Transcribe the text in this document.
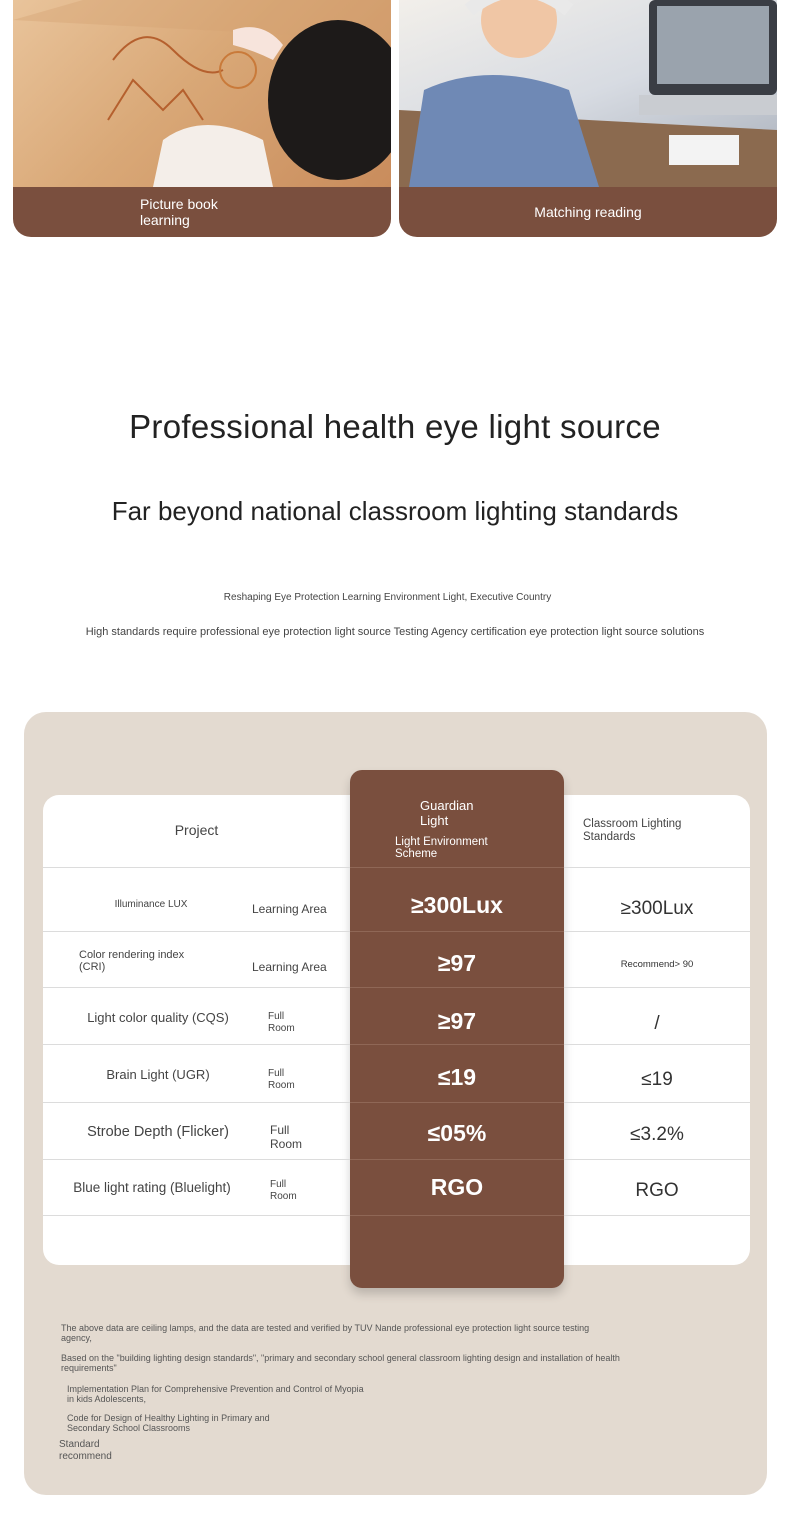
Picture book learning	Matching reading
Professional health eye light source
Far beyond national classroom lighting standards
Reshaping Eye Protection Learning Environment Light, Executive Country
High standards require professional eye protection light source Testing Agency certification eye protection light source solutions
Project
Guardian Light
Light Environment Scheme
Classroom Lighting Standards
Illuminance LUX	Learning Area	≥300Lux	≥300Lux
Color rendering index (CRI)	Learning Area	≥97	Recommend> 90
Light color quality (CQS)	Full Room	≥97	/
Brain Light (UGR)	Full Room	≤19	≤19
Strobe Depth (Flicker)	Full Room	≤05%	≤3.2%
Blue light rating (Bluelight)	Full Room	RGO	RGO
The above data are ceiling lamps, and the data are tested and verified by TUV Nande professional eye protection light source testing agency,
Based on the "building lighting design standards", "primary and secondary school general classroom lighting design and installation of health requirements"
Implementation Plan for Comprehensive Prevention and Control of Myopia in kids Adolescents,
Code for Design of Healthy Lighting in Primary and Secondary School Classrooms
Standard recommend
